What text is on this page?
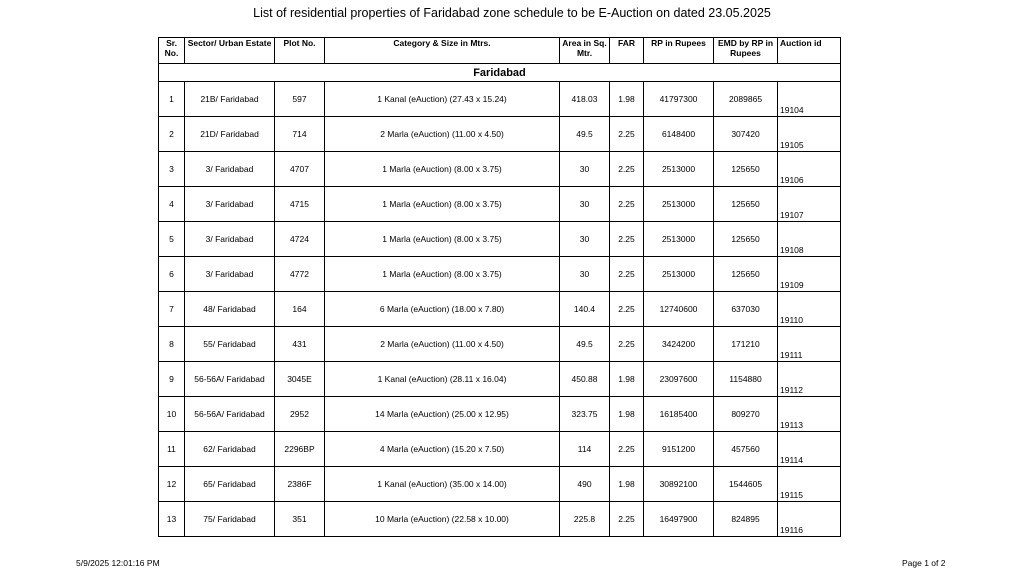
List of residential properties of Faridabad zone schedule to be E-Auction on dated 23.05.2025
Sr. No.	Sector/ Urban Estate	Plot No.	Category & Size in Mtrs.	Area in Sq. Mtr.	FAR	RP in Rupees	EMD by RP in Rupees	Auction id
Faridabad								
1	21B/ Faridabad	597	1 Kanal (eAuction) (27.43 x 15.24)	418.03	1.98	41797300	2089865	19104
2	21D/ Faridabad	714	2 Marla (eAuction) (11.00 x 4.50)	49.5	2.25	6148400	307420	19105
3	3/ Faridabad	4707	1 Marla (eAuction) (8.00 x 3.75)	30	2.25	2513000	125650	19106
4	3/ Faridabad	4715	1 Marla (eAuction) (8.00 x 3.75)	30	2.25	2513000	125650	19107
5	3/ Faridabad	4724	1 Marla (eAuction) (8.00 x 3.75)	30	2.25	2513000	125650	19108
6	3/ Faridabad	4772	1 Marla (eAuction) (8.00 x 3.75)	30	2.25	2513000	125650	19109
7	48/ Faridabad	164	6 Marla (eAuction) (18.00 x 7.80)	140.4	2.25	12740600	637030	19110
8	55/ Faridabad	431	2 Marla (eAuction) (11.00 x 4.50)	49.5	2.25	3424200	171210	19111
9	56-56A/ Faridabad	3045E	1 Kanal (eAuction) (28.11 x 16.04)	450.88	1.98	23097600	1154880	19112
10	56-56A/ Faridabad	2952	14 Marla (eAuction) (25.00 x 12.95)	323.75	1.98	16185400	809270	19113
11	62/ Faridabad	2296BP	4 Marla (eAuction) (15.20 x 7.50)	114	2.25	9151200	457560	19114
12	65/ Faridabad	2386F	1 Kanal (eAuction) (35.00 x 14.00)	490	1.98	30892100	1544605	19115
13	75/ Faridabad	351	10 Marla (eAuction) (22.58 x 10.00)	225.8	2.25	16497900	824895	19116
5/9/2025 12:01:16 PM	Page 1 of 2
